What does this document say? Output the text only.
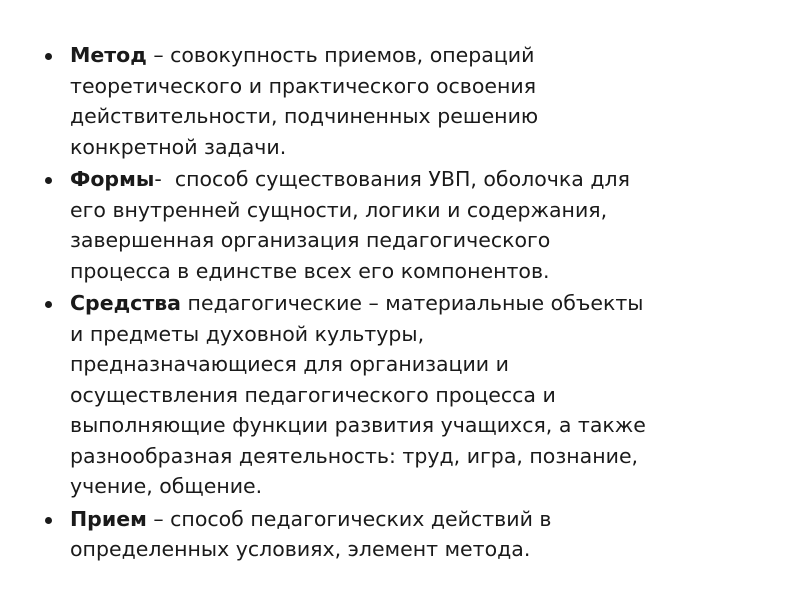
Метод – совокупность приемов, операций
теоретического и практического освоения
действительности, подчиненных решению
конкретной задачи.
Формы-  способ существования УВП, оболочка для
его внутренней сущности, логики и содержания,
завершенная организация педагогического
процесса в единстве всех его компонентов.
Средства педагогические – материальные объекты
и предметы духовной культуры,
предназначающиеся для организации и
осуществления педагогического процесса и
выполняющие функции развития учащихся, а также
разнообразная деятельность: труд, игра, познание,
учение, общение.
Прием – способ педагогических действий в
определенных условиях, элемент метода.
